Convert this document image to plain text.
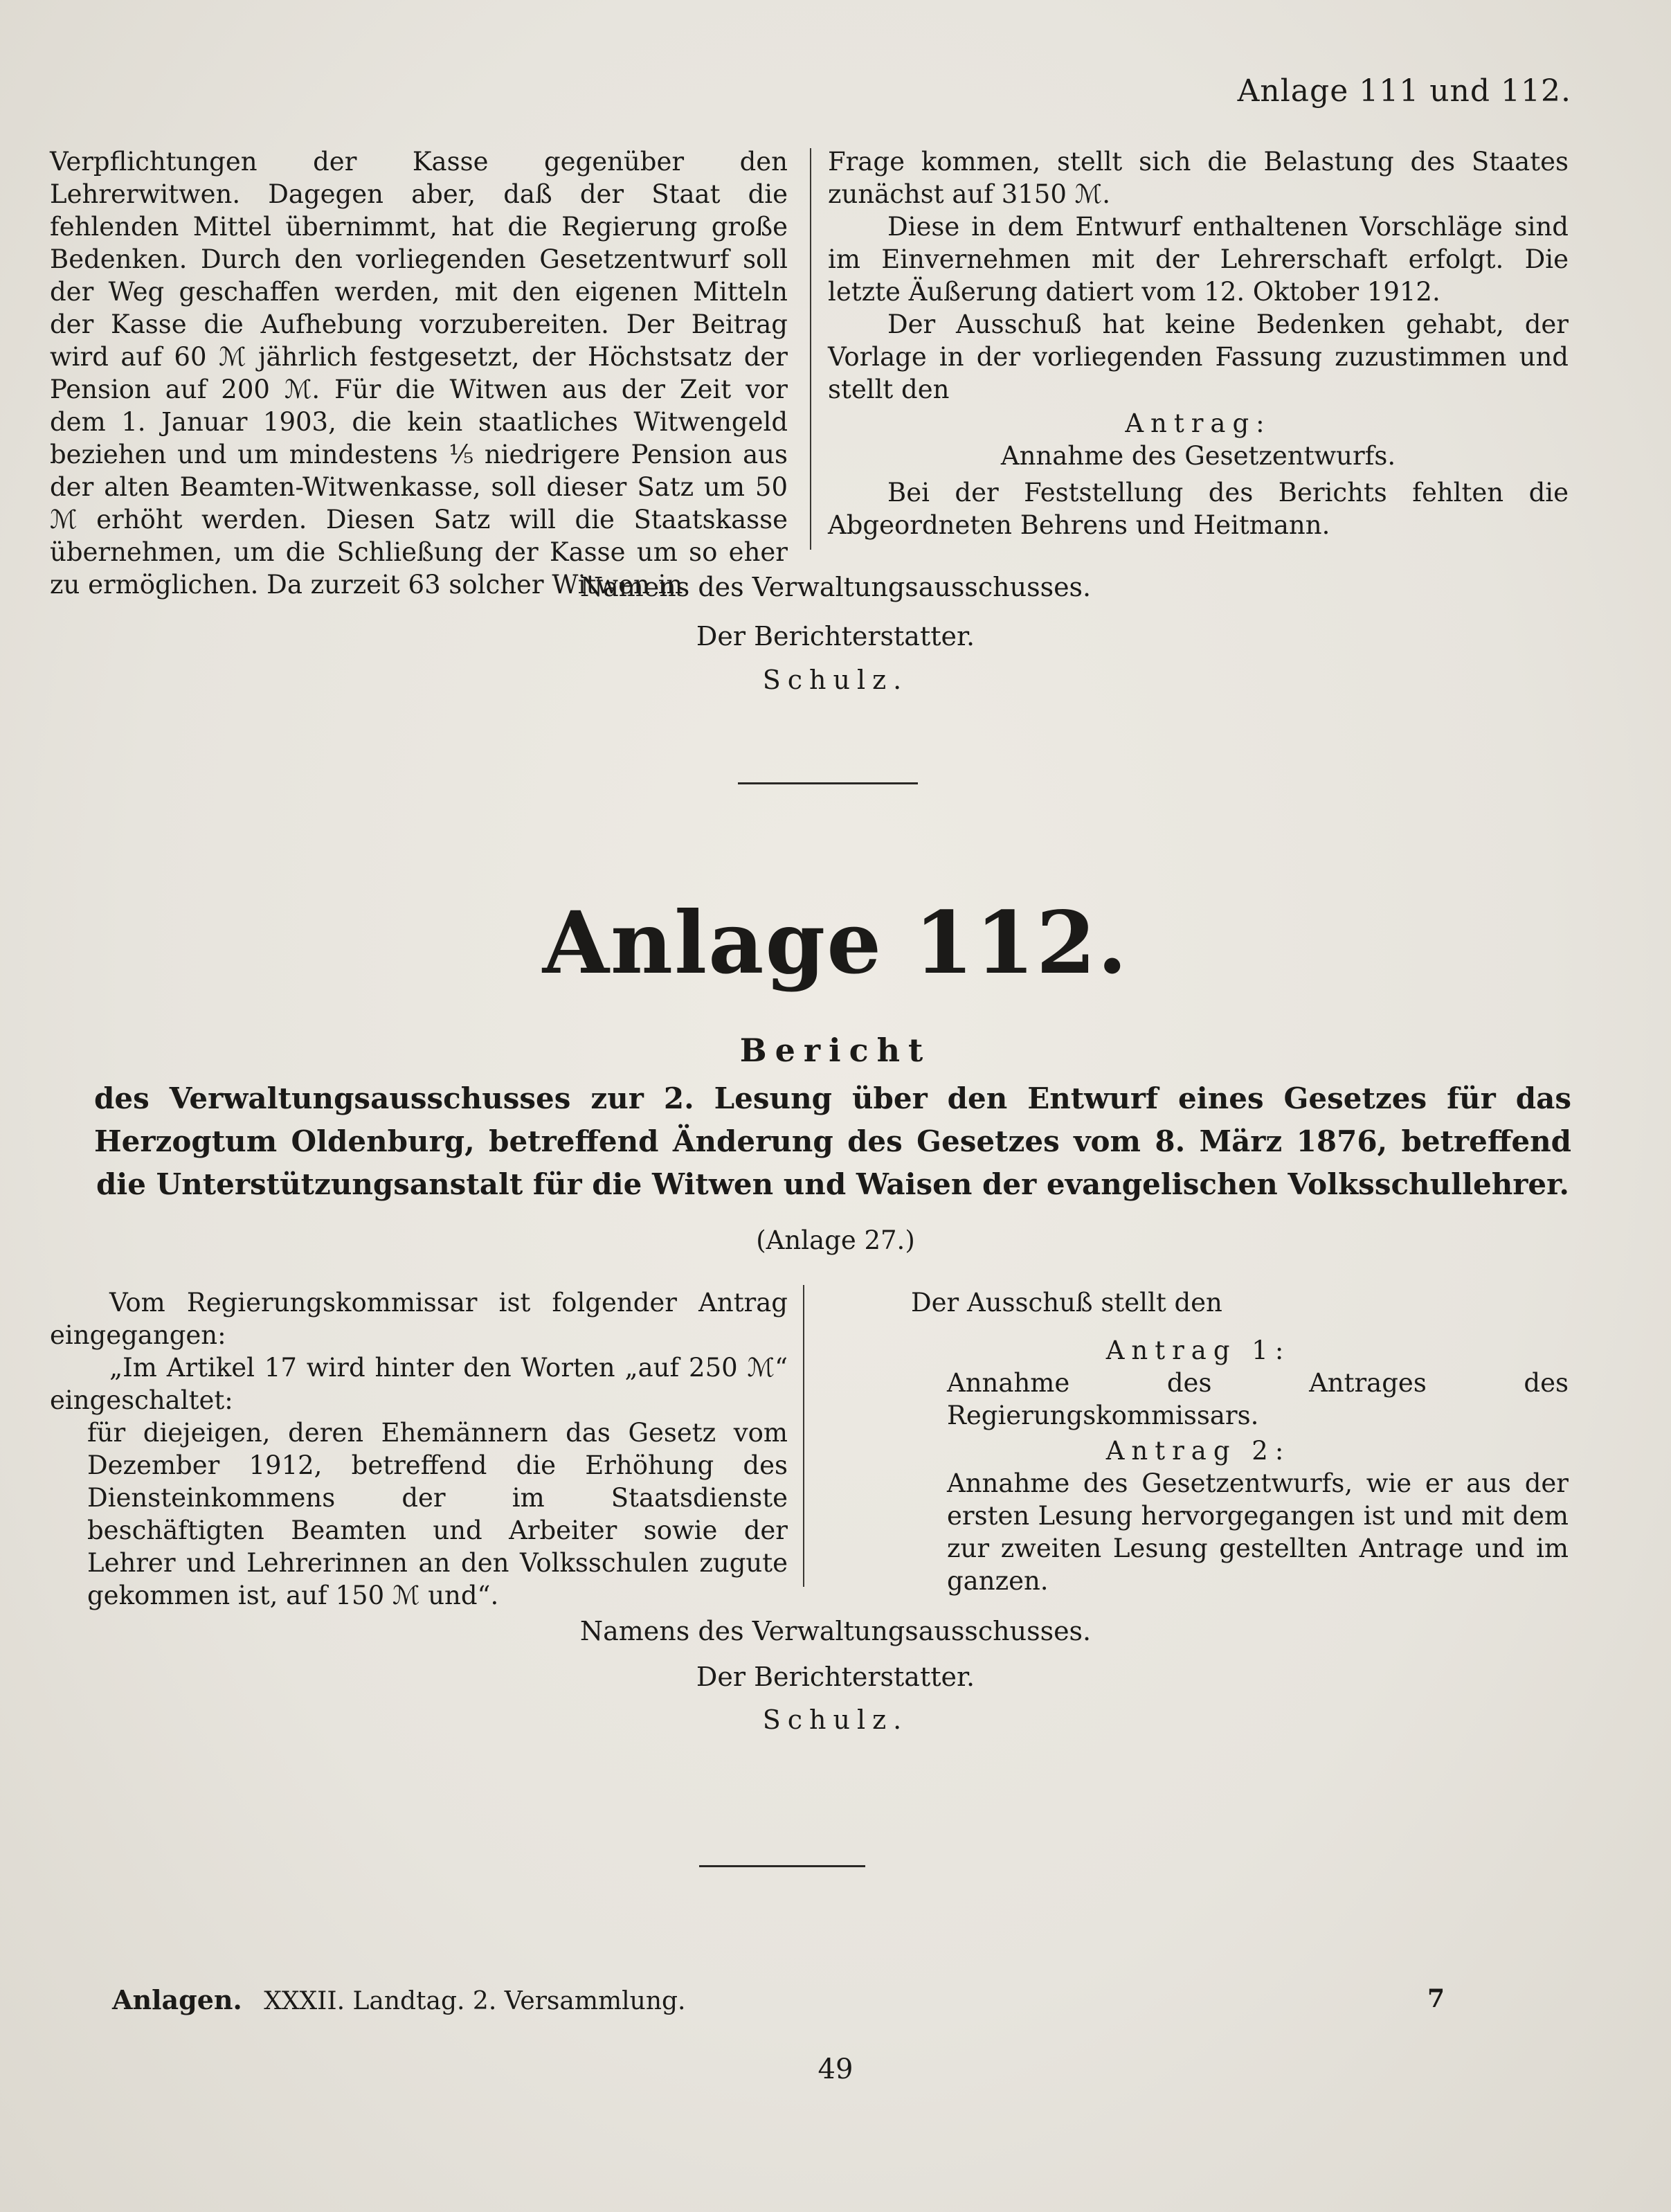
Anlage 111 und 112.

Verpflichtungen der Kasse gegenüber den Lehrerwitwen. Dagegen aber, daß der Staat die fehlenden Mittel übernimmt, hat die Regierung große Bedenken. Durch den vorliegenden Gesetzentwurf soll der Weg geschaffen werden, mit den eigenen Mitteln der Kasse die Aufhebung vorzubereiten. Der Beitrag wird auf 60 ℳ jährlich festgesetzt, der Höchstsatz der Pension auf 200 ℳ. Für die Witwen aus der Zeit vor dem 1. Januar 1903, die kein staatliches Witwengeld beziehen und um mindestens ⅕ niedrigere Pension aus der alten Beamten-Witwenkasse, soll dieser Satz um 50 ℳ erhöht werden. Diesen Satz will die Staatskasse übernehmen, um die Schließung der Kasse um so eher zu ermöglichen. Da zurzeit 63 solcher Witwen in

Frage kommen, stellt sich die Belastung des Staates zunächst auf 3150 ℳ.

Diese in dem Entwurf enthaltenen Vorschläge sind im Einvernehmen mit der Lehrerschaft erfolgt. Die letzte Äußerung datiert vom 12. Oktober 1912.

Der Ausschuß hat keine Bedenken gehabt, der Vorlage in der vorliegenden Fassung zuzustimmen und stellt den

Antrag:

Annahme des Gesetzentwurfs.

Bei der Feststellung des Berichts fehlten die Abgeordneten Behrens und Heitmann.

Namens des Verwaltungsausschusses.
Der Berichterstatter.
Schulz.
Anlage 112.
Bericht
des Verwaltungsausschusses zur 2. Lesung über den Entwurf eines Gesetzes für das Herzogtum Oldenburg, betreffend Änderung des Gesetzes vom 8. März 1876, betreffend die Unterstützungsanstalt für die Witwen und Waisen der evangelischen Volksschullehrer.
(Anlage 27.)

Vom Regierungskommissar ist folgender Antrag eingegangen:

„Im Artikel 17 wird hinter den Worten „auf 250 ℳ“ eingeschaltet:

für diejeigen, deren Ehemännern das Gesetz vom Dezember 1912, betreffend die Erhöhung des Diensteinkommens der im Staatsdienste beschäftigten Beamten und Arbeiter sowie der Lehrer und Lehrerinnen an den Volksschulen zugute gekommen ist, auf 150 ℳ und“.

Der Ausschuß stellt den

Antrag 1:

Annahme des Antrages des Regierungskommissars.

Antrag 2:

Annahme des Gesetzentwurfs, wie er aus der ersten Lesung hervorgegangen ist und mit dem zur zweiten Lesung gestellten Antrage und im ganzen.

Namens des Verwaltungsausschusses.
Der Berichterstatter.
Schulz.
Anlagen. XXXII. Landtag. 2. Versammlung.	7
49
